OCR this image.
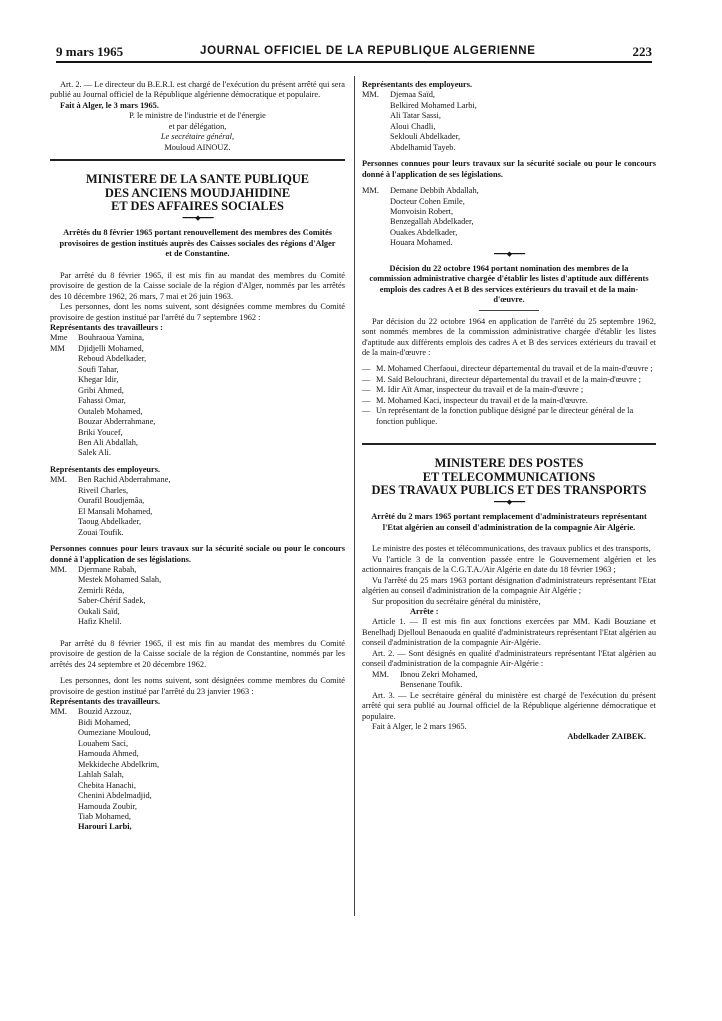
9 mars 1965	JOURNAL OFFICIEL DE LA REPUBLIQUE ALGERIENNE	223

Art. 2. — Le directeur du B.E.R.I. est chargé de l'exécution du présent arrêté qui sera publié au Journal officiel de la République algérienne démocratique et populaire.

Fait à Alger, le 3 mars 1965.

P. le ministre de l'industrie et de l'énergie

et par délégation,

Le secrétaire général,

Mouloud AINOUZ.

MINISTERE DE LA SANTE PUBLIQUE

DES ANCIENS MOUDJAHIDINE

ET DES AFFAIRES SOCIALES

━━━━◆━━━━

Arrêtés du 8 février 1965 portant renouvellement des membres des Comités provisoires de gestion institués auprès des Caisses sociales des régions d'Alger et de Constantine.

Par arrêté du 8 février 1965, il est mis fin au mandat des membres du Comité provisoire de gestion de la Caisse sociale de la région d'Alger, nommés par les arrêtés des 10 décembre 1962, 26 mars, 7 mai et 26 juin 1963.

Les personnes, dont les noms suivent, sont désignées comme membres du Comité provisoire de gestion institué par l'arrêté du 7 septembre 1962 :

Représentants des travailleurs :

Mme	Bouhraoua Yamina,
MM	Djidjelli Mohamed,
Reboud Abdelkader,
Soufi Tahar,
Khegar Idir,
Gribi Ahmed,
Fahassi Omar,
Outaleb Mohamed,
Bouzar Abderrahmane,
Briki Youcef,
Ben Ali Abdallah,
Salek Ali.

Représentants des employeurs.

MM.	Ben Rachid Abderrahmane,
Riveil Charles,
Ourafil Boudjemâa,
El Mansali Mohamed,
Taoug Abdelkader,
Zouai Toufik.

Personnes connues pour leurs travaux sur la sécurité sociale ou pour le concours donné à l'application de ses législations.

MM.	Djermane Rabah,
Mestek Mohamed Salah,
Zemirli Réda,
Saber-Chérif Sadek,
Oukali Saïd,
Hafiz Khelil.

Par arrêté du 8 février 1965, il est mis fin au mandat des membres du Comité provisoire de gestion de la Caisse sociale de la région de Constantine, nommés par les arrêtés des 24 septembre et 20 décembre 1962.

Les personnes, dont les noms suivent, sont désignées comme membres du Comité provisoire de gestion institué par l'arrêté du 23 janvier 1963 :

Représentants des travailleurs.

MM.	Bouzid Azzouz,
Bidi Mohamed,
Oumeziane Mouloud,
Louahem Saci,
Hamouda Ahmed,
Mekkideche Abdelkrim,
Lahlah Salah,
Chebita Hanachi,
Chenini Abdelmadjid,
Hamouda Zoubir,
Tiab Mohamed,
Harouri Larbi,

Représentants des employeurs.

MM.	Djemaa Saïd,
Belkired Mohamed Larbi,
Ali Tatar Sassi,
Aloui Chadli,
Seklouli Abdelkader,
Abdelhamid Tayeb.

Personnes connues pour leurs travaux sur la sécurité sociale ou pour le concours donné à l'application de ses législations.

MM.	Demane Debbih Abdallah,
Docteur Cohen Emile,
Monvoisin Robert,
Benzegallah Abdelkader,
Ouakes Abdelkader,
Houara Mohamed.
━━━━◆━━━━

Décision du 22 octobre 1964 portant nomination des membres de la commission administrative chargée d'établir les listes d'aptitude aux différents emplois des cadres A et B des services extérieurs du travail et de la main-d'œuvre.

Par décision du 22 octobre 1964 en application de l'arrêté du 25 septembre 1962, sont nommés membres de la commission administrative chargée d'établir les listes d'aptitude aux différents emplois des cadres A et B des services extérieurs du travail et de la main-d'œuvre :

— M. Mohamed Cherfaoui, directeur départemental du travail et de la main-d'œuvre ;
— M. Saïd Belouchrani, directeur départemental du travail et de la main-d'œuvre ;
— M. Idir Aït Amar, inspecteur du travail et de la main-d'œuvre ;
— M. Mohamed Kaci, inspecteur du travail et de la main-d'œuvre.
— Un représentant de la fonction publique désigné par le directeur général de la fonction publique.

MINISTERE DES POSTES

ET TELECOMMUNICATIONS

DES TRAVAUX PUBLICS ET DES TRANSPORTS

━━━━◆━━━━

Arrêté du 2 mars 1965 portant remplacement d'administrateurs représentant l'Etat algérien au conseil d'administration de la compagnie Air Algérie.

Le ministre des postes et télécommunications, des travaux publics et des transports,

Vu l'article 3 de la convention passée entre le Gouvernement algérien et les actionnaires français de la C.G.T.A./Air Algérie en date du 18 février 1963 ;

Vu l'arrêté du 25 mars 1963 portant désignation d'administrateurs représentant l'Etat algérien au conseil d'administration de la compagnie Air Algérie ;

Sur proposition du secrétaire général du ministère,

Arrête :

Article 1. — Il est mis fin aux fonctions exercées par MM. Kadi Bouziane et Benelhadj Djelloul Benaouda en qualité d'administrateurs représentant l'Etat algérien au conseil d'administration de la compagnie Air-Algérie.

Art. 2. — Sont désignés en qualité d'administrateurs représentant l'Etat algérien au conseil d'administration de la compagnie Air-Algérie :

MM.	Ibnou Zekri Mohamed,
Bensenane Toufik.

Art. 3. — Le secrétaire général du ministère est chargé de l'exécution du présent arrêté qui sera publié au Journal officiel de la République algérienne démocratique et populaire.

Fait à Alger, le 2 mars 1965.

Abdelkader ZAIBEK.
